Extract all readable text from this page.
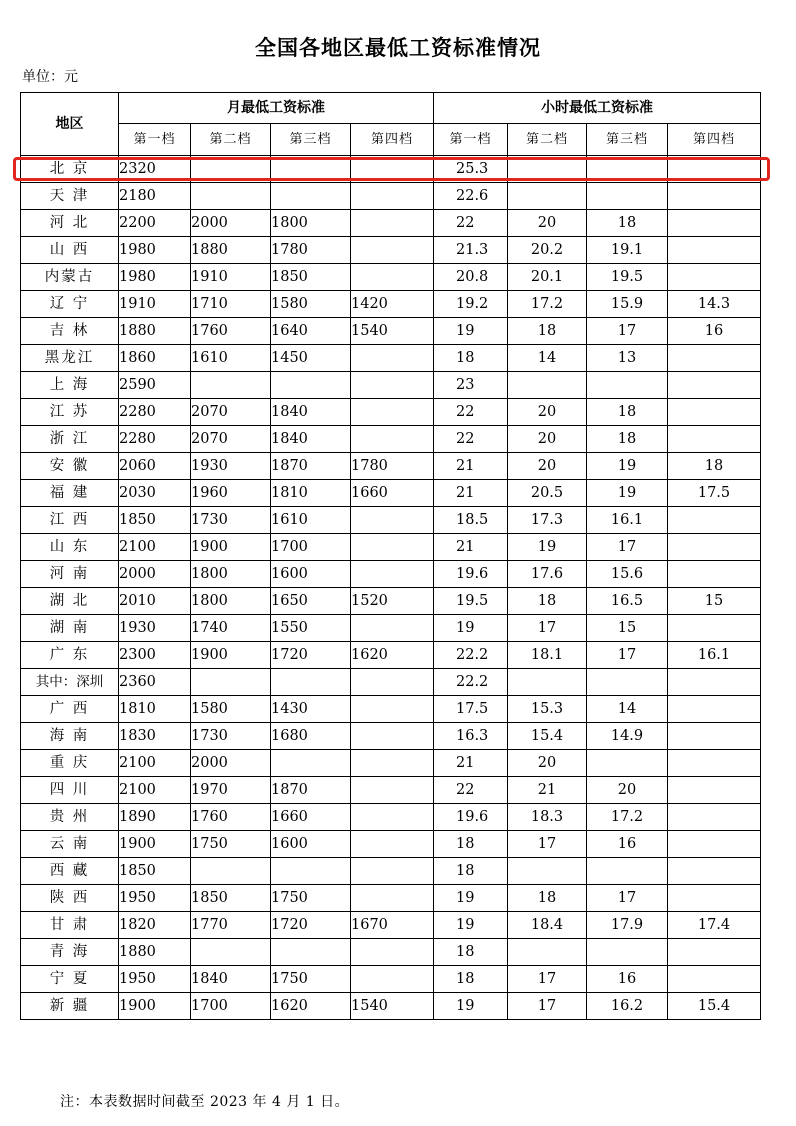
全国各地区最低工资标准情况
单位：元
地区	月最低工资标准				小时最低工资标准			
	第一档	第二档	第三档	第四档	第一档	第二档	第三档	第四档
北 京	2320				25.3			
天 津	2180				22.6			
河 北	2200	2000	1800		22	20	18	
山 西	1980	1880	1780		21.3	20.2	19.1	
内蒙古	1980	1910	1850		20.8	20.1	19.5	
辽 宁	1910	1710	1580	1420	19.2	17.2	15.9	14.3
吉 林	1880	1760	1640	1540	19	18	17	16
黑龙江	1860	1610	1450		18	14	13	
上 海	2590				23			
江 苏	2280	2070	1840		22	20	18	
浙 江	2280	2070	1840		22	20	18	
安 徽	2060	1930	1870	1780	21	20	19	18
福 建	2030	1960	1810	1660	21	20.5	19	17.5
江 西	1850	1730	1610		18.5	17.3	16.1	
山 东	2100	1900	1700		21	19	17	
河 南	2000	1800	1600		19.6	17.6	15.6	
湖 北	2010	1800	1650	1520	19.5	18	16.5	15
湖 南	1930	1740	1550		19	17	15	
广 东	2300	1900	1720	1620	22.2	18.1	17	16.1
其中：深圳	2360				22.2			
广 西	1810	1580	1430		17.5	15.3	14	
海 南	1830	1730	1680		16.3	15.4	14.9	
重 庆	2100	2000			21	20		
四 川	2100	1970	1870		22	21	20	
贵 州	1890	1760	1660		19.6	18.3	17.2	
云 南	1900	1750	1600		18	17	16	
西 藏	1850				18			
陕 西	1950	1850	1750		19	18	17	
甘 肃	1820	1770	1720	1670	19	18.4	17.9	17.4
青 海	1880				18			
宁 夏	1950	1840	1750		18	17	16	
新 疆	1900	1700	1620	1540	19	17	16.2	15.4
注：本表数据时间截至 2023 年 4 月 1 日。
